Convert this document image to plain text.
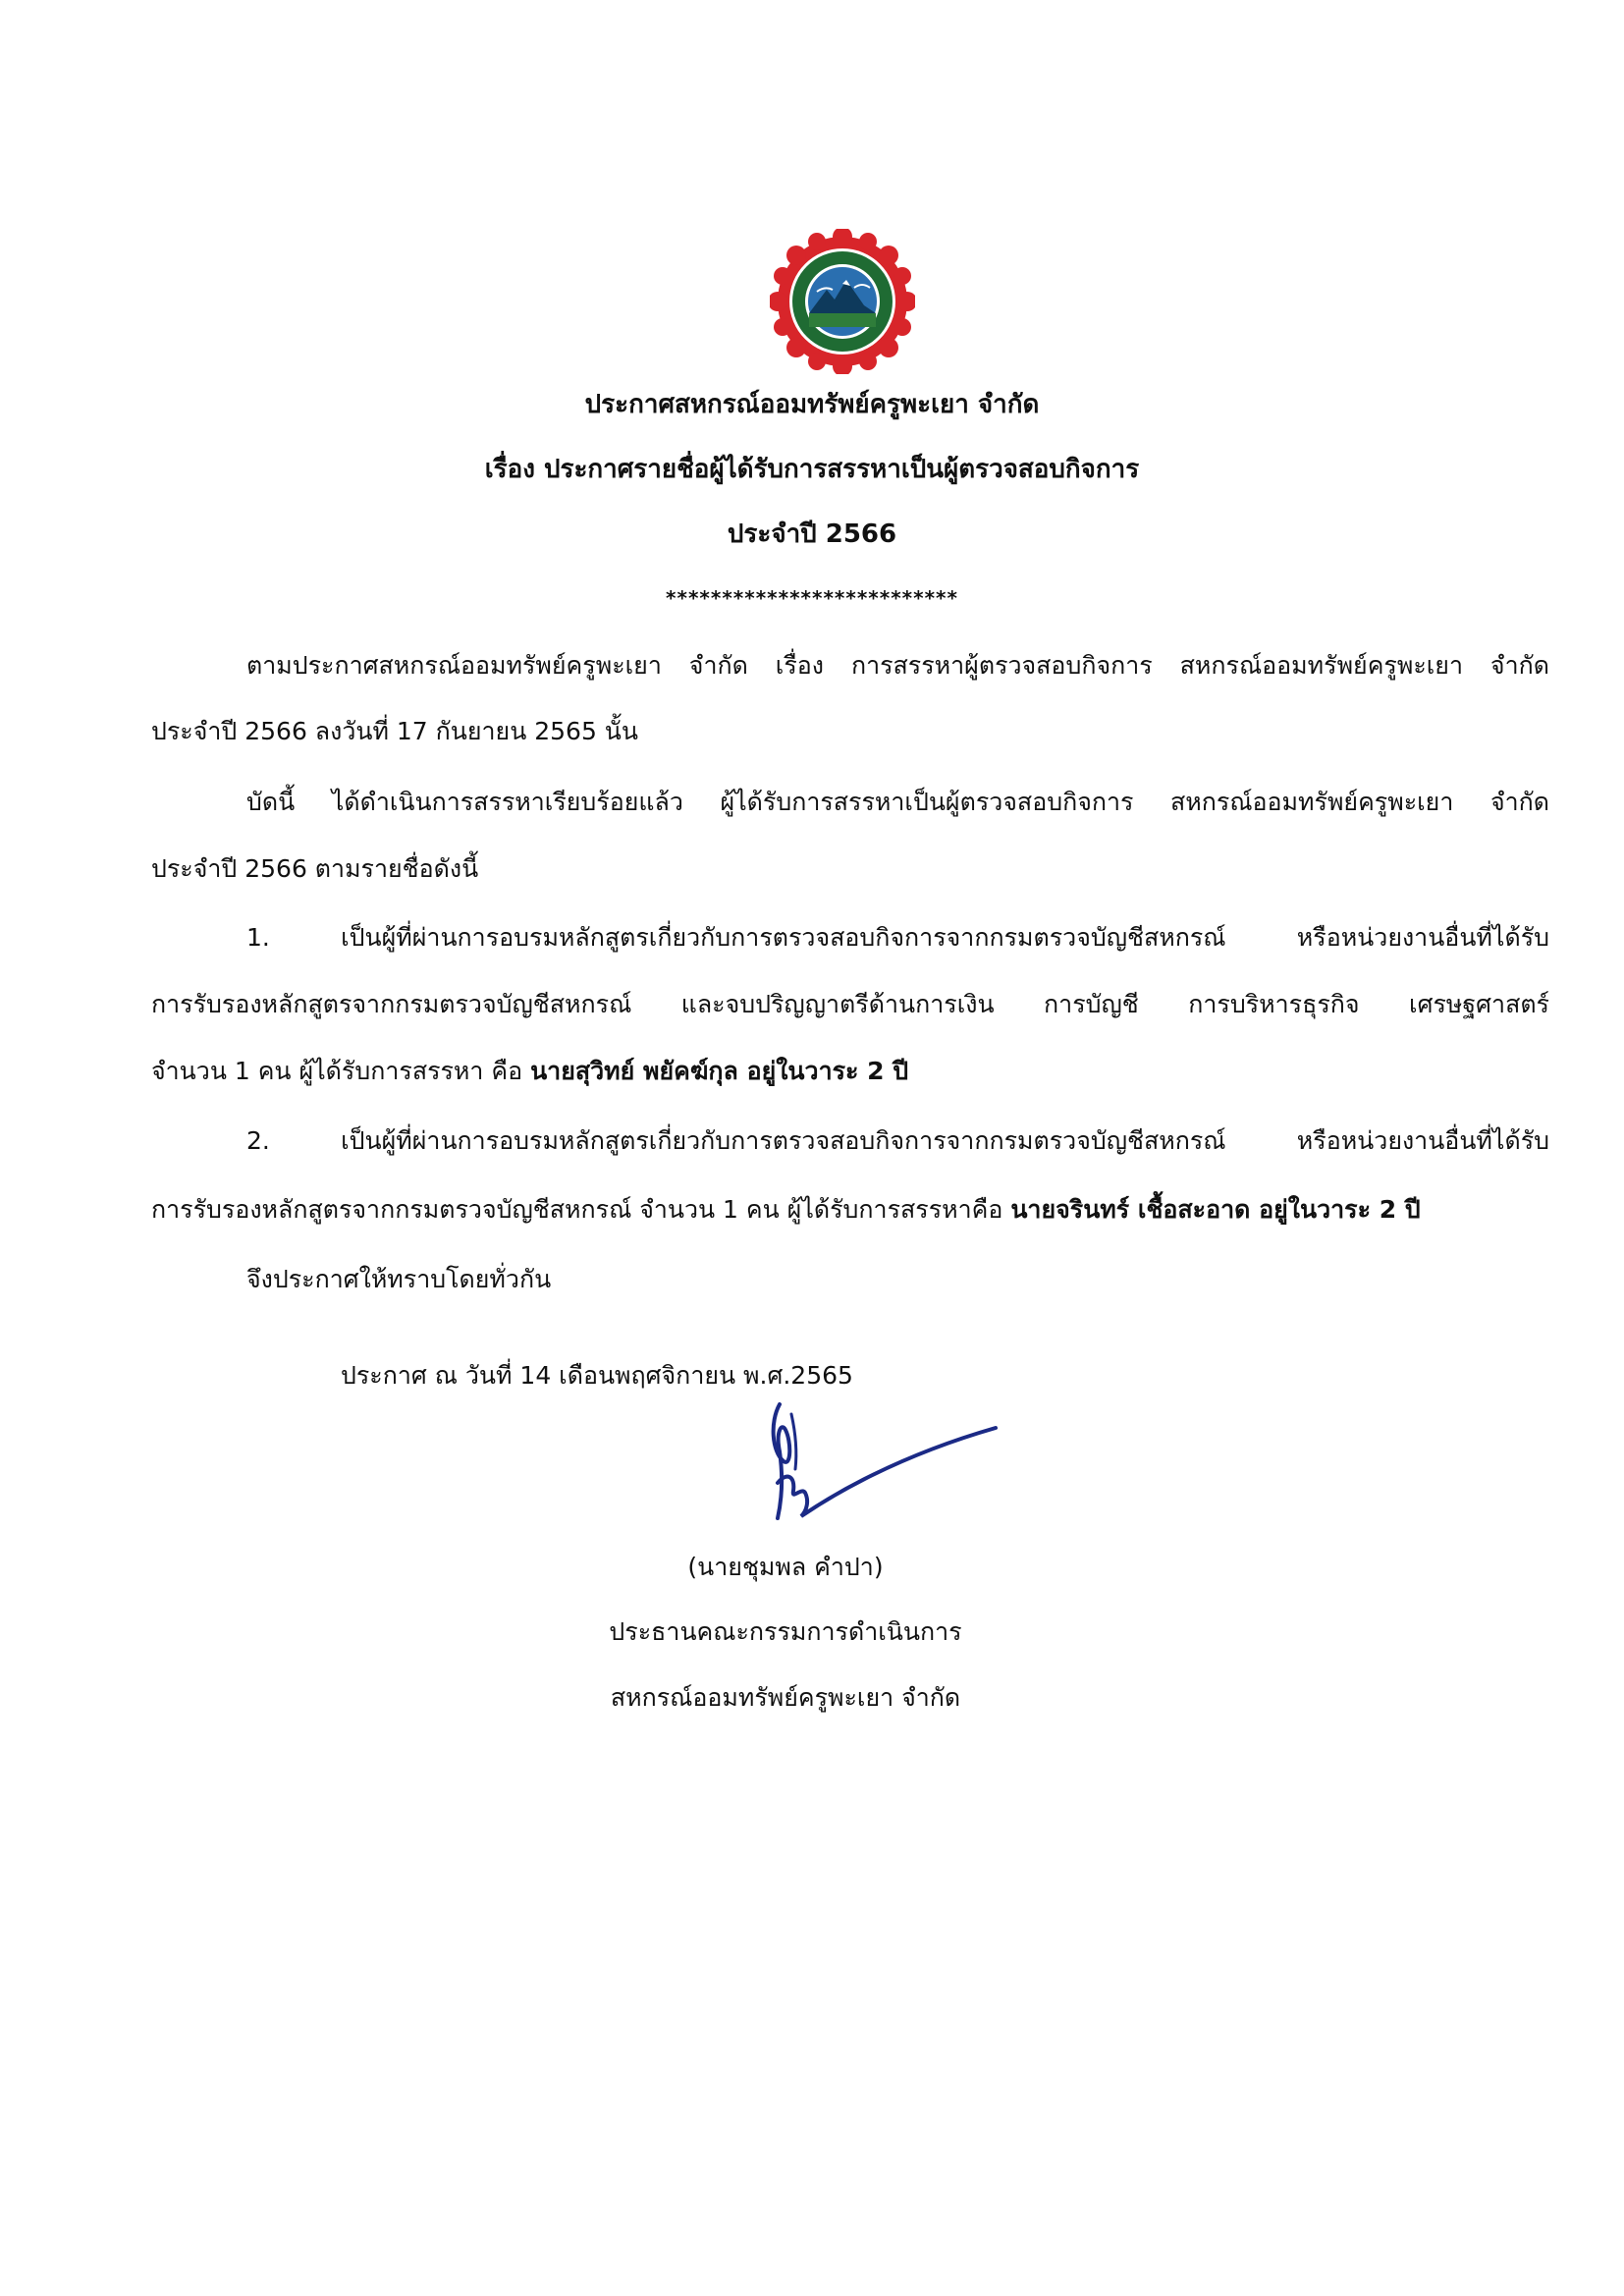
ประกาศสหกรณ์ออมทรัพย์ครูพะเยา จำกัด
เรื่อง ประกาศรายชื่อผู้ได้รับการสรรหาเป็นผู้ตรวจสอบกิจการ
ประจำปี 2566
**************************
ตามประกาศสหกรณ์ออมทรัพย์ครูพะเยา จำกัด เรื่อง การสรรหาผู้ตรวจสอบกิจการ สหกรณ์ออมทรัพย์ครูพะเยา จำกัด
ประจำปี 2566 ลงวันที่ 17 กันยายน 2565 นั้น
บัดนี้ ได้ดำเนินการสรรหาเรียบร้อยแล้ว ผู้ได้รับการสรรหาเป็นผู้ตรวจสอบกิจการ สหกรณ์ออมทรัพย์ครูพะเยา จำกัด
ประจำปี 2566 ตามรายชื่อดังนี้
1. เป็นผู้ที่ผ่านการอบรมหลักสูตรเกี่ยวกับการตรวจสอบกิจการจากกรมตรวจบัญชีสหกรณ์ หรือหน่วยงานอื่นที่ได้รับ
การรับรองหลักสูตรจากกรมตรวจบัญชีสหกรณ์ และจบปริญญาตรีด้านการเงิน การบัญชี การบริหารธุรกิจ เศรษฐศาสตร์
จำนวน 1 คน ผู้ได้รับการสรรหา คือ นายสุวิทย์ พยัคฆ์กุล อยู่ในวาระ 2 ปี
2. เป็นผู้ที่ผ่านการอบรมหลักสูตรเกี่ยวกับการตรวจสอบกิจการจากกรมตรวจบัญชีสหกรณ์ หรือหน่วยงานอื่นที่ได้รับ
การรับรองหลักสูตรจากกรมตรวจบัญชีสหกรณ์ จำนวน 1 คน ผู้ได้รับการสรรหาคือ นายจรินทร์ เชื้อสะอาด อยู่ในวาระ 2 ปี
จึงประกาศให้ทราบโดยทั่วกัน
ประกาศ ณ วันที่ 14 เดือนพฤศจิกายน พ.ศ.2565
(นายชุมพล คำปา)
ประธานคณะกรรมการดำเนินการ
สหกรณ์ออมทรัพย์ครูพะเยา จำกัด
